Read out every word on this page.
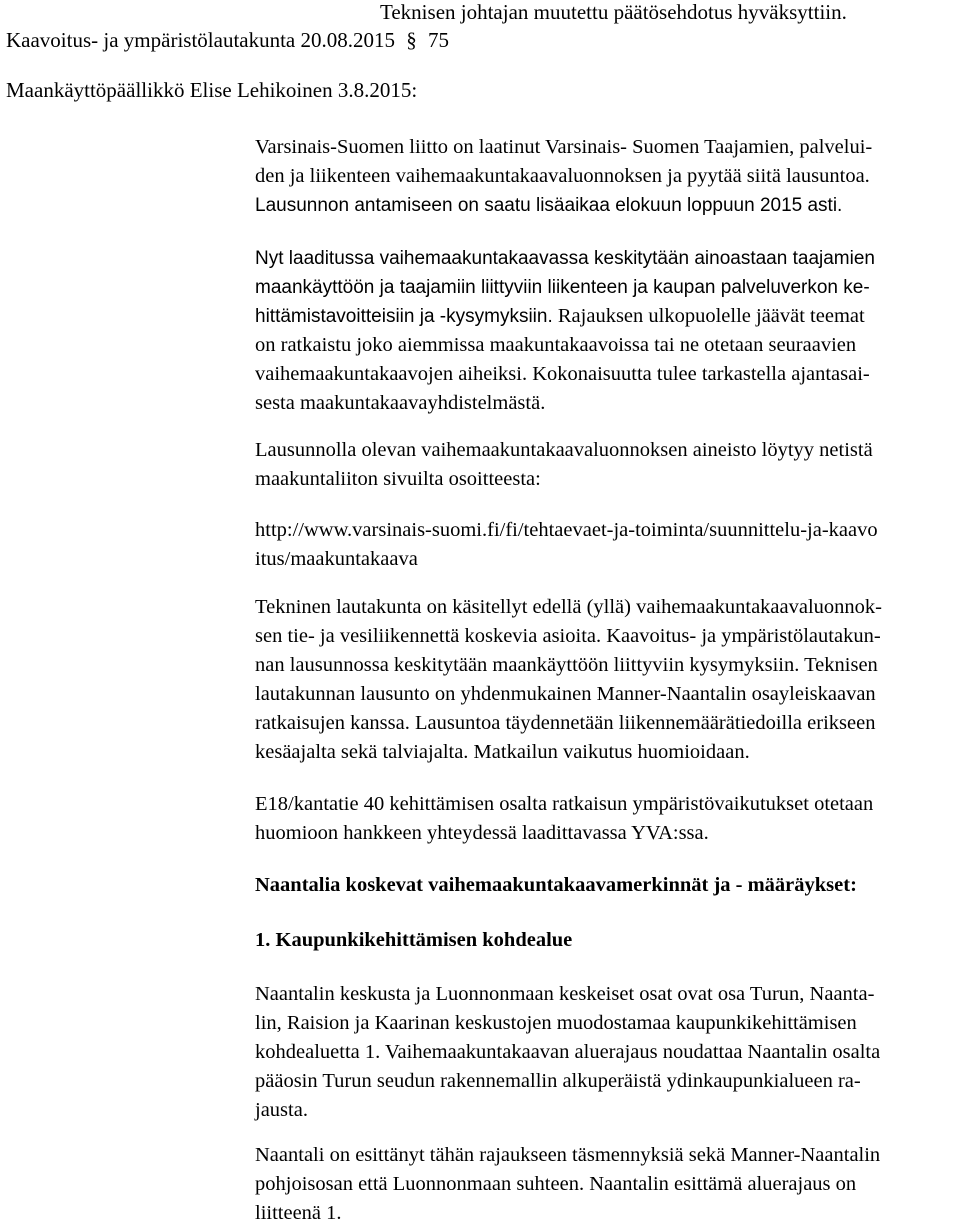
Teknisen johtajan muutettu päätösehdotus hyväksyttiin.
Kaavoitus- ja ympäristölautakunta 20.08.2015 § 75
Maankäyttöpäällikkö Elise Lehikoinen 3.8.2015:
Varsinais-Suomen liitto on laatinut Varsinais- Suomen Taajamien, palvelui-
den ja liikenteen vaihemaakuntakaavaluonnoksen ja pyytää siitä lausuntoa.
Lausunnon antamiseen on saatu lisäaikaa elokuun loppuun 2015 asti.
Nyt laaditussa vaihemaakuntakaavassa keskitytään ainoastaan taajamien
maankäyttöön ja taajamiin liittyviin liikenteen ja kaupan palveluverkon ke-
hittämistavoitteisiin ja -kysymyksiin. Rajauksen ulkopuolelle jäävät teemat
on ratkaistu joko aiemmissa maakuntakaavoissa tai ne otetaan seuraavien
vaihemaakuntakaavojen aiheiksi. Kokonaisuutta tulee tarkastella ajantasai-
sesta maakuntakaavayhdistelmästä.
Lausunnolla olevan vaihemaakuntakaavaluonnoksen aineisto löytyy netistä
maakuntaliiton sivuilta osoitteesta:
http://www.varsinais-suomi.fi/fi/tehtaevaet-ja-toiminta/suunnittelu-ja-kaavo
itus/maakuntakaava
Tekninen lautakunta on käsitellyt edellä (yllä) vaihemaakuntakaavaluonnok-
sen tie- ja vesiliikennettä koskevia asioita. Kaavoitus- ja ympäristölautakun-
nan lausunnossa keskitytään maankäyttöön liittyviin kysymyksiin. Teknisen
lautakunnan lausunto on yhdenmukainen Manner-Naantalin osayleiskaavan
ratkaisujen kanssa. Lausuntoa täydennetään liikennemäärätiedoilla erikseen
kesäajalta sekä talviajalta. Matkailun vaikutus huomioidaan.
E18/kantatie 40 kehittämisen osalta ratkaisun ympäristövaikutukset otetaan
huomioon hankkeen yhteydessä laadittavassa YVA:ssa.
Naantalia koskevat vaihemaakuntakaavamerkinnät ja - määräykset:
1. Kaupunkikehittämisen kohdealue
Naantalin keskusta ja Luonnonmaan keskeiset osat ovat osa Turun, Naanta-
lin, Raision ja Kaarinan keskustojen muodostamaa kaupunkikehittämisen
kohdealuetta 1. Vaihemaakuntakaavan aluerajaus noudattaa Naantalin osalta
pääosin Turun seudun rakennemallin alkuperäistä ydinkaupunkialueen ra-
jausta.
Naantali on esittänyt tähän rajaukseen täsmennyksiä sekä Manner-Naantalin
pohjoisosan että Luonnonmaan suhteen. Naantalin esittämä aluerajaus on
liitteenä 1.
